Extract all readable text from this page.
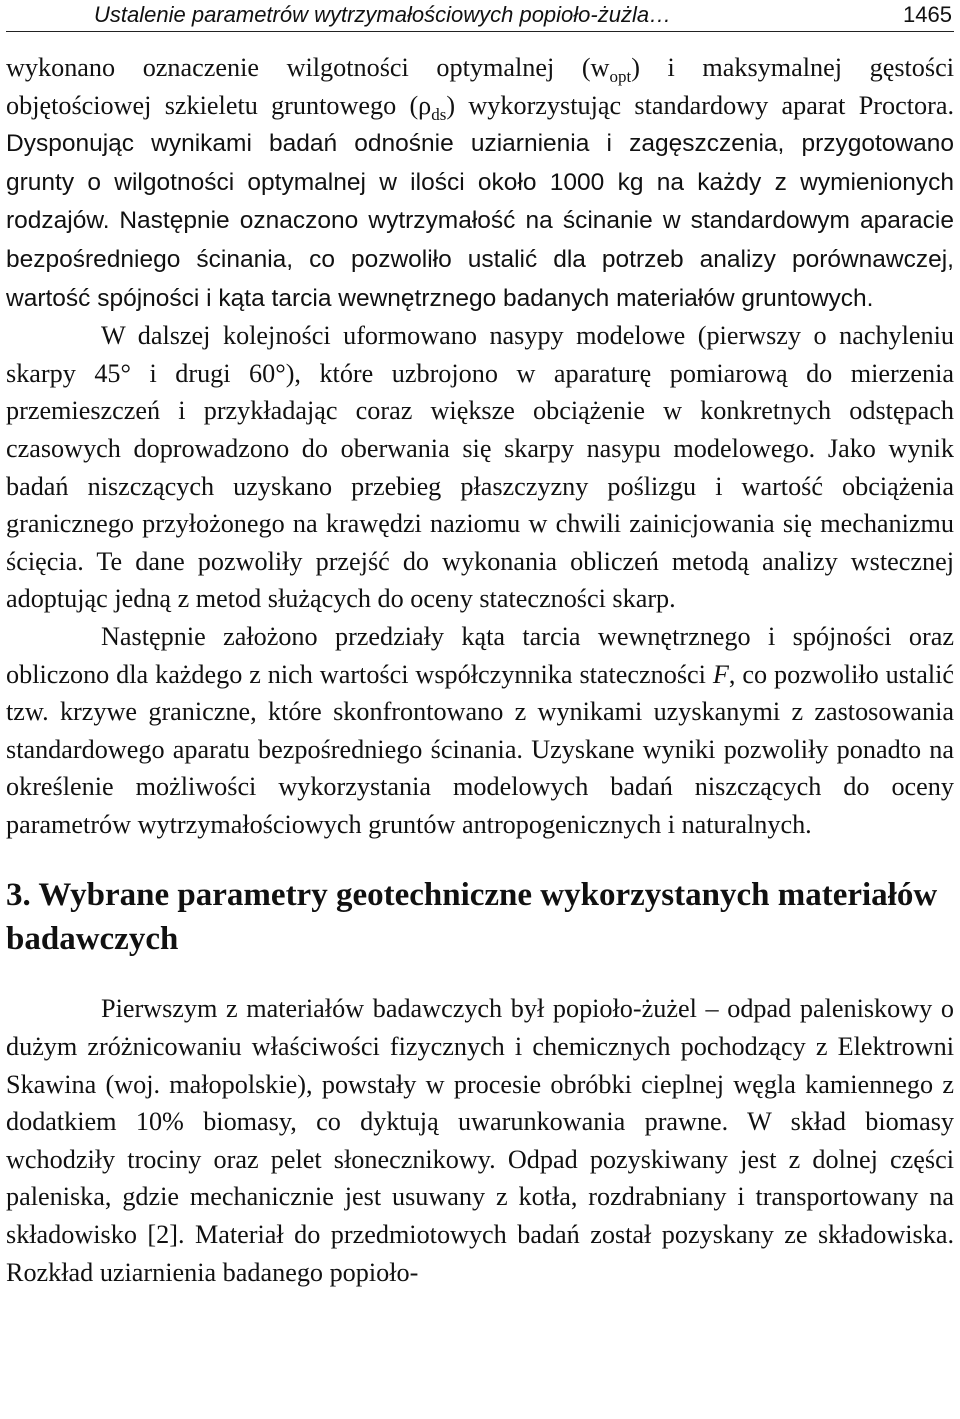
Ustalenie parametrów wytrzymałościowych popioło-żużla…	1465

wykonano oznaczenie wilgotności optymalnej $(w_{opt})$ i maksymalnej gęstości objętościowej szkieletu gruntowego $(\rho_{ds})$ wykorzystując standardowy aparat Proctora. Dysponując wynikami badań odnośnie uziarnienia i zagęszczenia, przygotowano grunty o wilgotności optymalnej w ilości około 1000 kg na każdy z wymienionych rodzajów. Następnie oznaczono wytrzymałość na ścinanie w standardowym aparacie bezpośredniego ścinania, co pozwoliło ustalić dla potrzeb analizy porównawczej, wartość spójności i kąta tarcia wewnętrznego badanych materiałów gruntowych.

W dalszej kolejności uformowano nasypy modelowe (pierwszy o nachyleniu skarpy 45° i drugi 60°), które uzbrojono w aparaturę pomiarową do mierzenia przemieszczeń i przykładając coraz większe obciążenie w konkretnych odstępach czasowych doprowadzono do oberwania się skarpy nasypu modelowego. Jako wynik badań niszczących uzyskano przebieg płaszczyzny poślizgu i wartość obciążenia granicznego przyłożonego na krawędzi naziomu w chwili zainicjowania się mechanizmu ścięcia. Te dane pozwoliły przejść do wykonania obliczeń metodą analizy wstecznej adoptując jedną z metod służących do oceny stateczności skarp.

Następnie założono przedziały kąta tarcia wewnętrznego i spójności oraz obliczono dla każdego z nich wartości współczynnika stateczności F, co pozwoliło ustalić tzw. krzywe graniczne, które skonfrontowano z wynikami uzyskanymi z zastosowania standardowego aparatu bezpośredniego ścinania. Uzyskane wyniki pozwoliły ponadto na określenie możliwości wykorzystania modelowych badań niszczących do oceny parametrów wytrzymałościowych gruntów antropogenicznych i naturalnych.

3. Wybrane parametry geotechniczne wykorzystanych materiałów badawczych

Pierwszym z materiałów badawczych był popioło-żużel – odpad paleniskowy o dużym zróżnicowaniu właściwości fizycznych i chemicznych pochodzący z Elektrowni Skawina (woj. małopolskie), powstały w procesie obróbki cieplnej węgla kamiennego z dodatkiem 10% biomasy, co dyktują uwarunkowania prawne. W skład biomasy wchodziły trociny oraz pelet słonecznikowy. Odpad pozyskiwany jest z dolnej części paleniska, gdzie mechanicznie jest usuwany z kotła, rozdrabniany i transportowany na składowisko [2]. Materiał do przedmiotowych badań został pozyskany ze składowiska. Rozkład uziarnienia badanego popioło-
